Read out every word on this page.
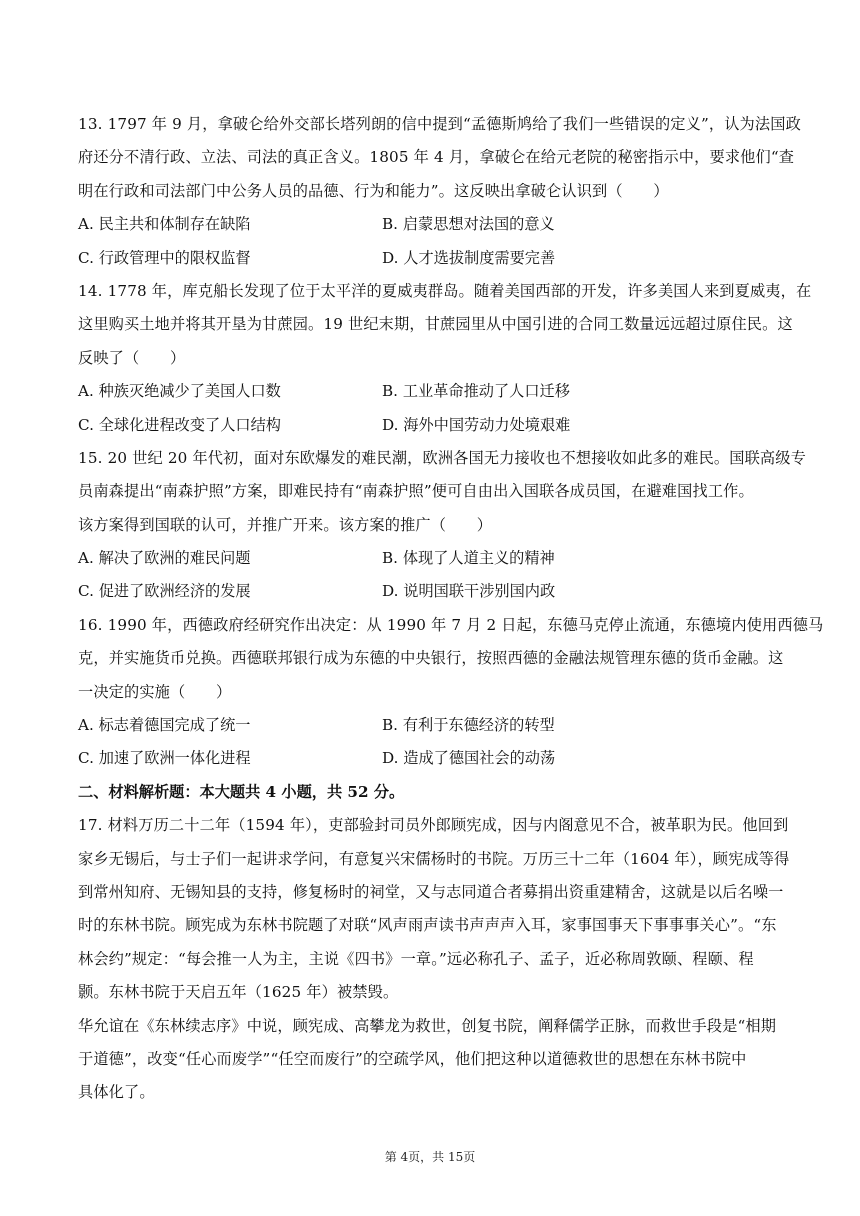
13. 1797 年 9 月，拿破仑给外交部长塔列朗的信中提到“孟德斯鸠给了我们一些错误的定义”，认为法国政
府还分不清行政、立法、司法的真正含义。1805 年 4 月，拿破仑在给元老院的秘密指示中，要求他们“查
明在行政和司法部门中公务人员的品德、行为和能力”。这反映出拿破仑认识到（　　）
A. 民主共和体制存在缺陷	B. 启蒙思想对法国的意义
C. 行政管理中的限权监督	D. 人才选拔制度需要完善
14. 1778 年，库克船长发现了位于太平洋的夏威夷群岛。随着美国西部的开发，许多美国人来到夏威夷，在
这里购买土地并将其开垦为甘蔗园。19 世纪末期，甘蔗园里从中国引进的合同工数量远远超过原住民。这
反映了（　　）
A. 种族灭绝减少了美国人口数	B. 工业革命推动了人口迁移
C. 全球化进程改变了人口结构	D. 海外中国劳动力处境艰难
15. 20 世纪 20 年代初，面对东欧爆发的难民潮，欧洲各国无力接收也不想接收如此多的难民。国联高级专
员南森提出“南森护照”方案，即难民持有“南森护照”便可自由出入国联各成员国，在避难国找工作。
该方案得到国联的认可，并推广开来。该方案的推广（　　）
A. 解决了欧洲的难民问题	B. 体现了人道主义的精神
C. 促进了欧洲经济的发展	D. 说明国联干涉别国内政
16. 1990 年，西德政府经研究作出决定：从 1990 年 7 月 2 日起，东德马克停止流通，东德境内使用西德马
克，并实施货币兑换。西德联邦银行成为东德的中央银行，按照西德的金融法规管理东德的货币金融。这
一决定的实施（　　）
A. 标志着德国完成了统一	B. 有利于东德经济的转型
C. 加速了欧洲一体化进程	D. 造成了德国社会的动荡
二、材料解析题：本大题共 4 小题，共 52 分。
17. 材料万历二十二年（1594 年），吏部验封司员外郎顾宪成，因与内阁意见不合，被革职为民。他回到
家乡无锡后，与士子们一起讲求学问，有意复兴宋儒杨时的书院。万历三十二年（1604 年），顾宪成等得
到常州知府、无锡知县的支持，修复杨时的祠堂，又与志同道合者募捐出资重建精舍，这就是以后名噪一
时的东林书院。顾宪成为东林书院题了对联“风声雨声读书声声声入耳，家事国事天下事事事关心”。“东
林会约”规定：“每会推一人为主，主说《四书》一章。”远必称孔子、孟子，近必称周敦颐、程颐、程
颢。东林书院于天启五年（1625 年）被禁毁。
华允谊在《东林续志序》中说，顾宪成、高攀龙为救世，创复书院，阐释儒学正脉，而救世手段是“相期
于道德”，改变“任心而废学”“任空而废行”的空疏学风，他们把这种以道德救世的思想在东林书院中
具体化了。
第 4页，共 15页
